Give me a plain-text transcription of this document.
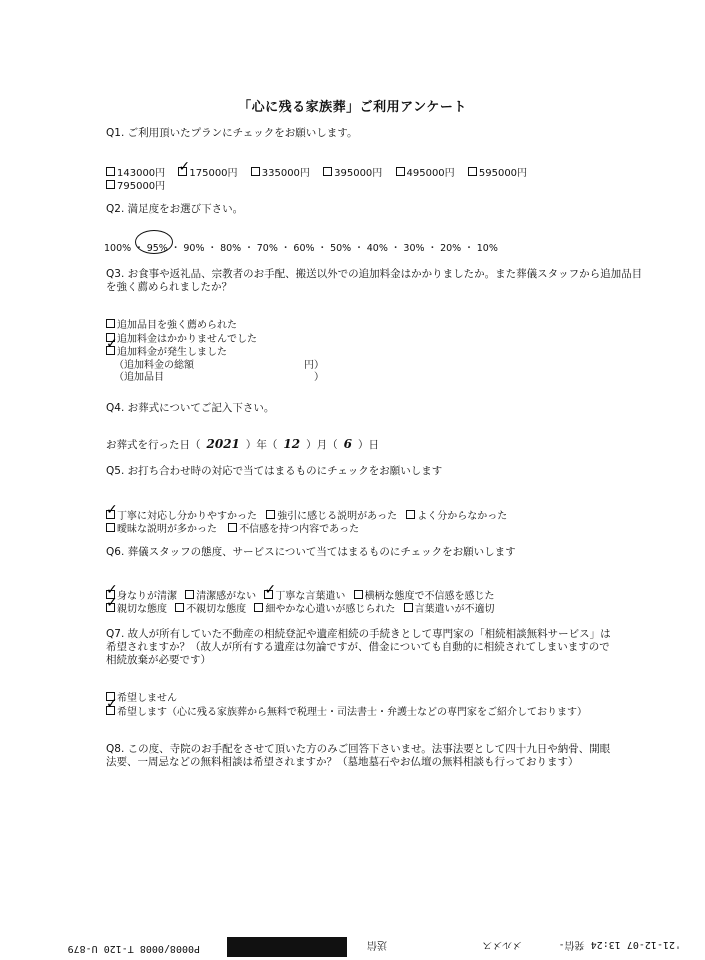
「心に残る家族葬」ご利用アンケート
Q1. ご利用頂いたプランにチェックをお願いします。
143000円 ✓ 175000円 335000円 395000円 495000円 595000円
795000円
Q2. 満足度をお選び下さい。
100% ・ 95% ・ 90% ・ 80% ・ 70% ・ 60% ・ 50% ・ 40% ・ 30% ・ 20% ・ 10%
Q3. お食事や返礼品、宗教者のお手配、搬送以外での追加料金はかかりましたか。また葬儀スタッフから追加品目を強く薦められましたか？
追加品目を強く薦められた
追加料金はかかりませんでした
✓
追加料金が発生しました
（追加料金の総額	円）
（追加品目	）
Q4. お葬式についてご記入下さい。
お葬式を行った日（ 2021 ）年（ 12 ）月（ 6 ）日
Q5. お打ち合わせ時の対応で当てはまるものにチェックをお願いします
✓ 丁寧に対応し分かりやすかった 強引に感じる説明があった よく分からなかった
曖昧な説明が多かった 不信感を持つ内容であった
Q6. 葬儀スタッフの態度、サービスについて当てはまるものにチェックをお願いします
✓ 身なりが清潔 清潔感がない ✓ 丁寧な言葉遣い 横柄な態度で不信感を感じた
✓ 親切な態度 不親切な態度 細やかな心遣いが感じられた 言葉遣いが不適切
Q7. 故人が所有していた不動産の相続登記や遺産相続の手続きとして専門家の「相続相談無料サービス」は希望されますか？（故人が所有する遺産は勿論ですが、借金についても自動的に相続されてしまいますので相続放棄が必要です）
希望しません
✓
希望します（心に残る家族葬から無料で税理士・司法書士・弁護士などの専門家をご紹介しております）
Q8. この度、寺院のお手配をさせて頂いた方のみご回答下さいませ。法事法要として四十九日や納骨、開眼法要、一周忌などの無料相談は希望されますか？（墓地墓石やお仏壇の無料相談も行っております）
'21-12-07 13:24 発信-
メルメス
送信
P0008/0008 T-120 U-879
